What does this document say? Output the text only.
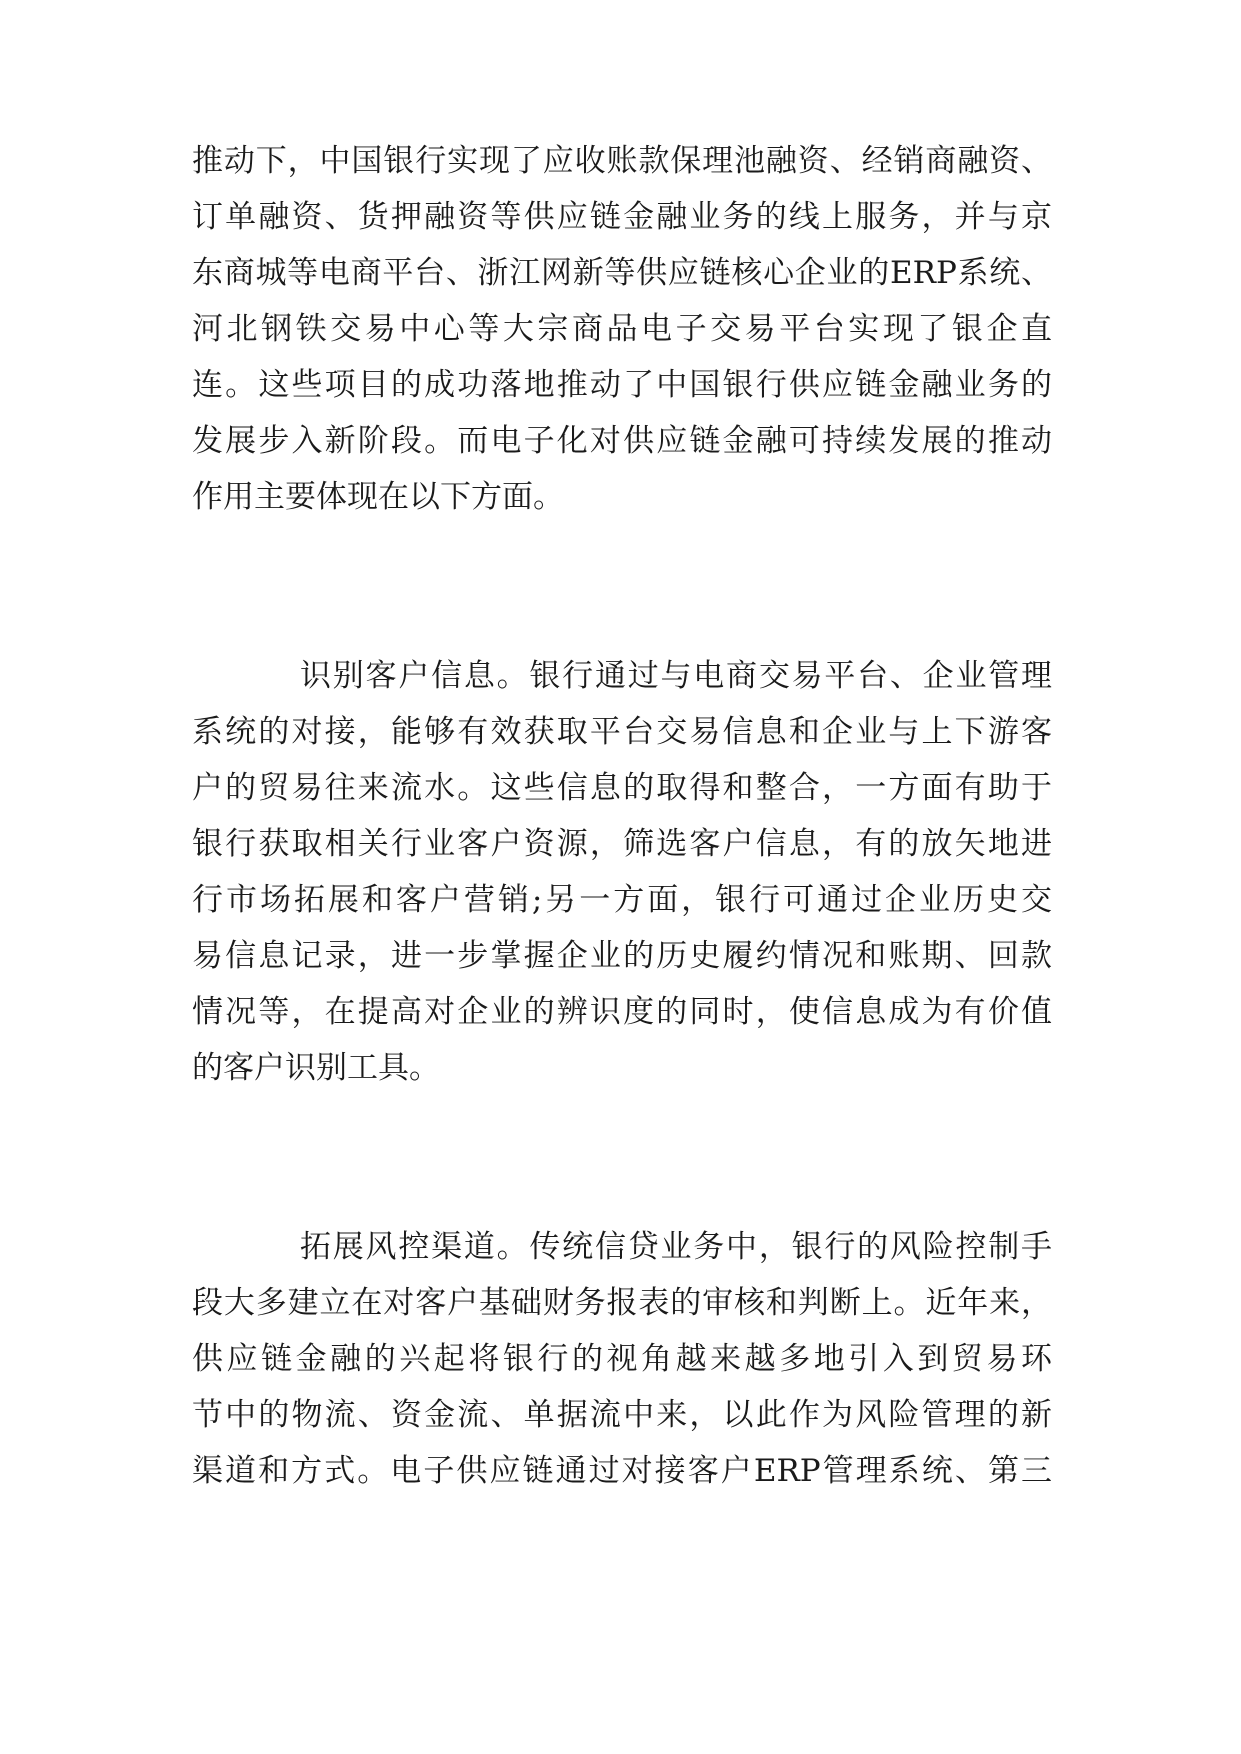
推动下，中国银行实现了应收账款保理池融资、经销商融资、
订单融资、货押融资等供应链金融业务的线上服务，并与京
东商城等电商平台、浙江网新等供应链核心企业的ERP系统、
河北钢铁交易中心等大宗商品电子交易平台实现了银企直
连。这些项目的成功落地推动了中国银行供应链金融业务的
发展步入新阶段。而电子化对供应链金融可持续发展的推动
作用主要体现在以下方面。
识别客户信息。银行通过与电商交易平台、企业管理
系统的对接，能够有效获取平台交易信息和企业与上下游客
户的贸易往来流水。这些信息的取得和整合，一方面有助于
银行获取相关行业客户资源，筛选客户信息，有的放矢地进
行市场拓展和客户营销;另一方面，银行可通过企业历史交
易信息记录，进一步掌握企业的历史履约情况和账期、回款
情况等，在提高对企业的辨识度的同时，使信息成为有价值
的客户识别工具。
拓展风控渠道。传统信贷业务中，银行的风险控制手
段大多建立在对客户基础财务报表的审核和判断上。近年来，
供应链金融的兴起将银行的视角越来越多地引入到贸易环
节中的物流、资金流、单据流中来，以此作为风险管理的新
渠道和方式。电子供应链通过对接客户ERP管理系统、第三
